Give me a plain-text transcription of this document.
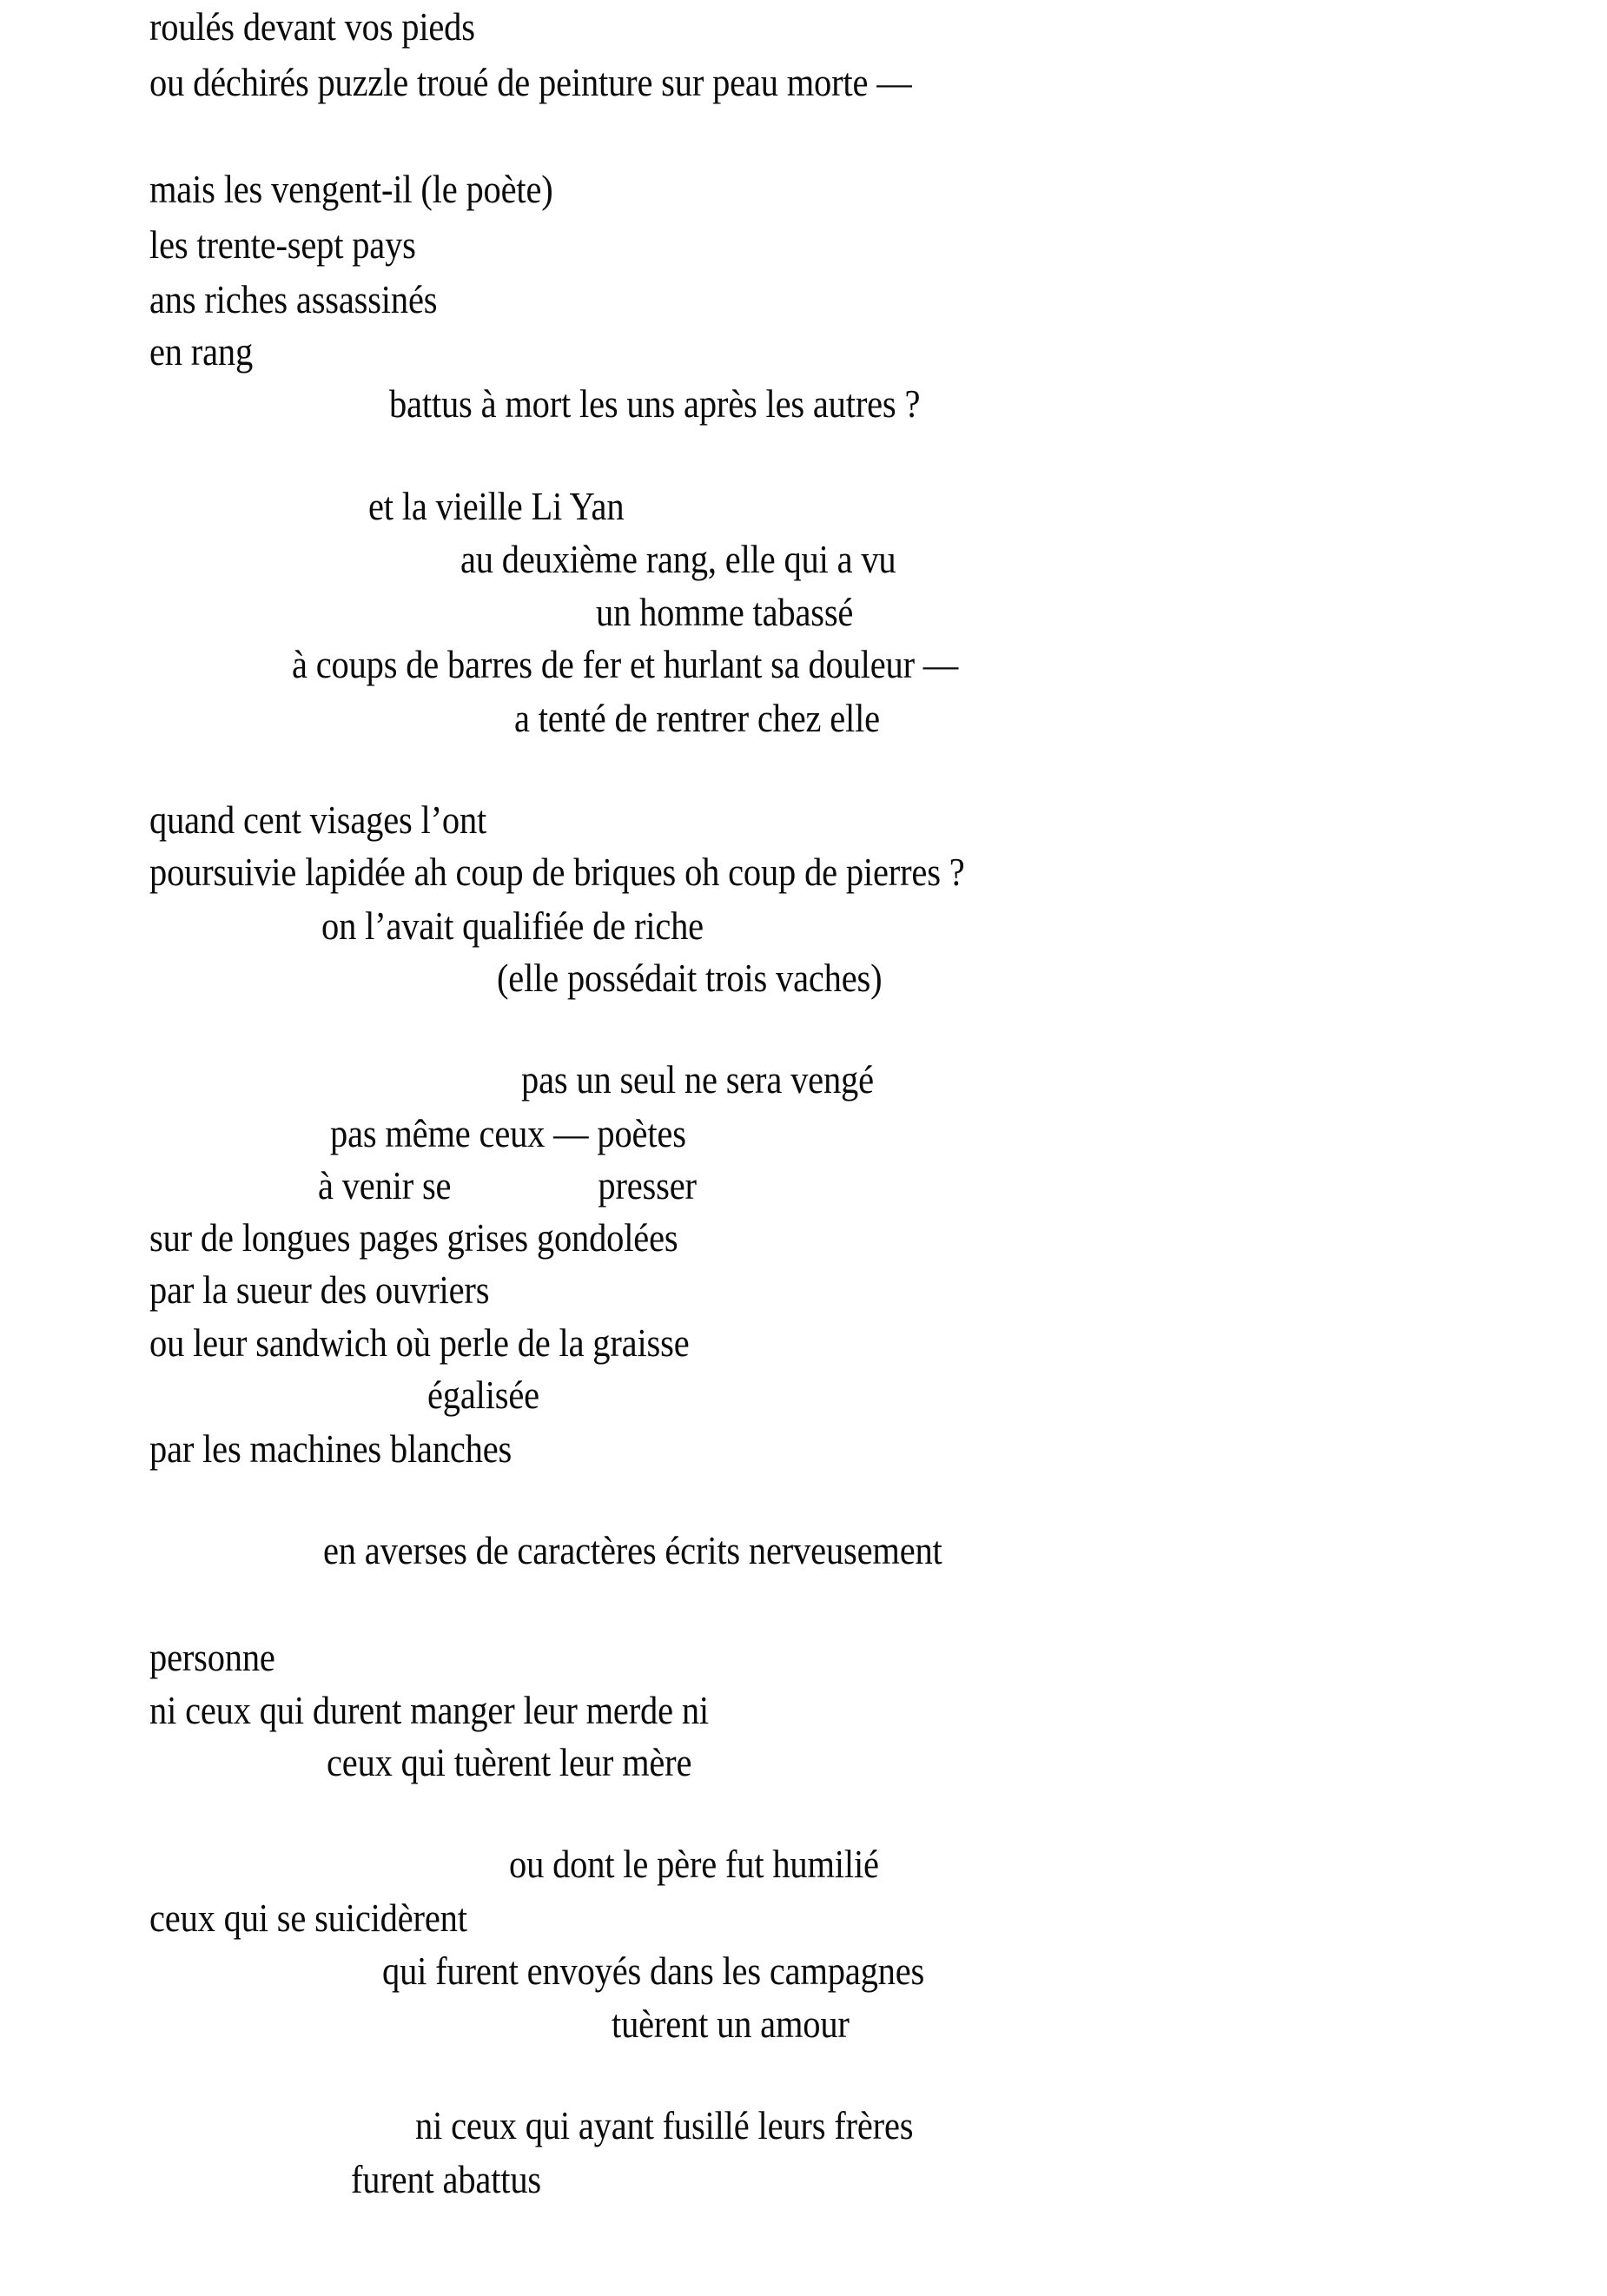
roulés devant vos pieds
ou déchirés puzzle troué de peinture sur peau morte —
mais les vengent-il (le poète)
les trente-sept pays
ans riches assassinés
en rang
battus à mort les uns après les autres ?
et la vieille Li Yan
au deuxième rang, elle qui a vu
un homme tabassé
à coups de barres de fer et hurlant sa douleur —
a tenté de rentrer chez elle
quand cent visages l’ont
poursuivie lapidée ah coup de briques oh coup de pierres ?
on l’avait qualifiée de riche
(elle possédait trois vaches)
pas un seul ne sera vengé
pas même ceux — poètes
à venir se                 presser
sur de longues pages grises gondolées
par la sueur des ouvriers
ou leur sandwich où perle de la graisse
égalisée
par les machines blanches
en averses de caractères écrits nerveusement
personne
ni ceux qui durent manger leur merde ni
ceux qui tuèrent leur mère
ou dont le père fut humilié
ceux qui se suicidèrent
qui furent envoyés dans les campagnes
tuèrent un amour
ni ceux qui ayant fusillé leurs frères
furent abattus
